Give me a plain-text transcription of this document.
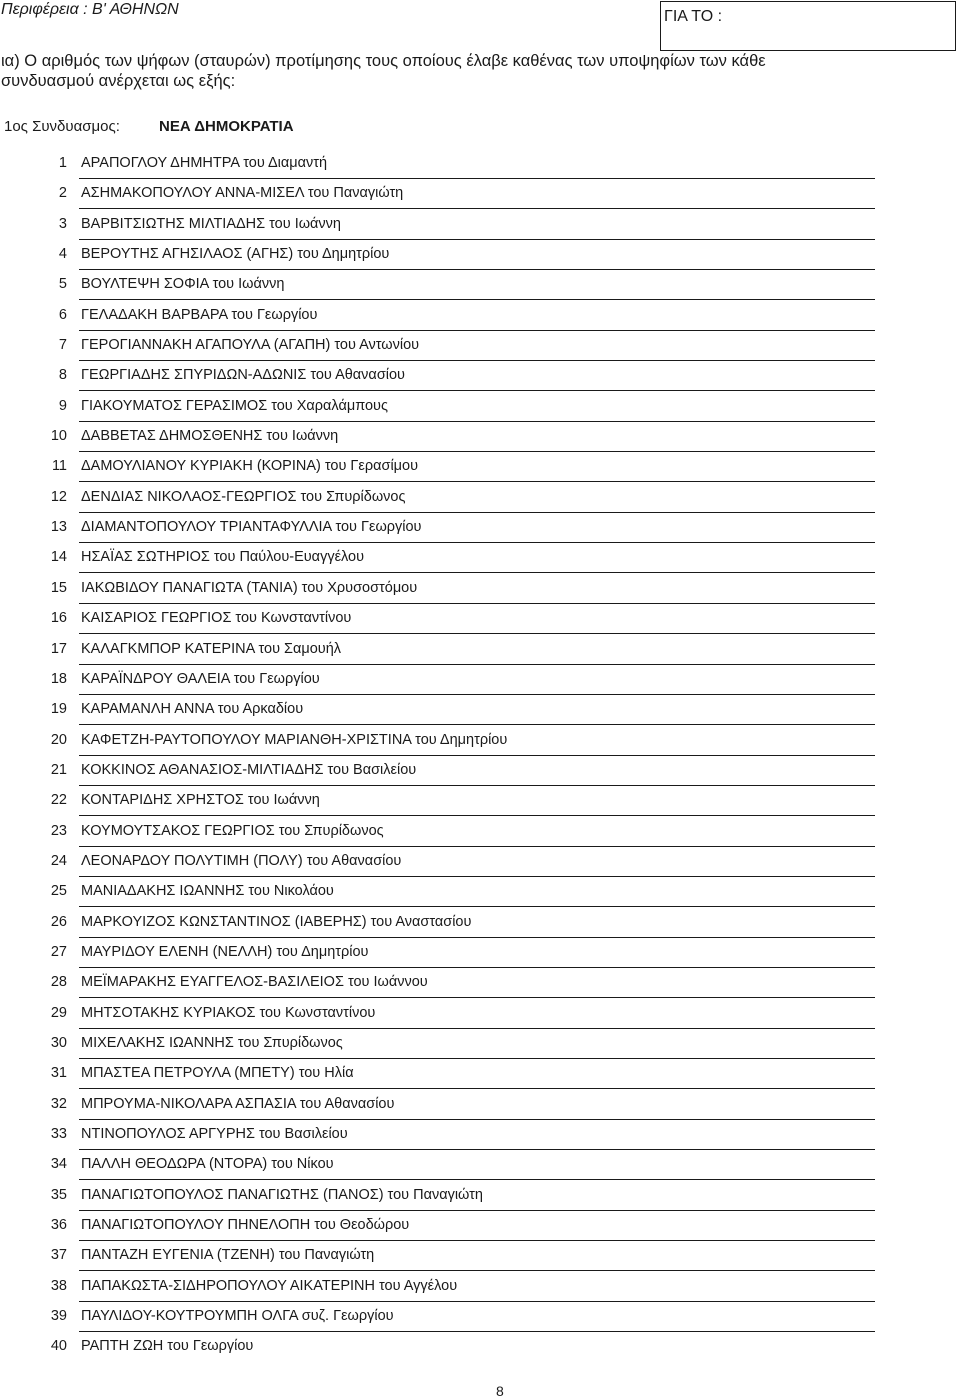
Περιφέρεια : Β' ΑΘΗΝΩΝ	ΓΙΑ ΤΟ :
ια) Ο αριθμός των ψήφων (σταυρών) προτίμησης τους οποίους έλαβε καθένας των υποψηφίων των κάθε
συνδυασμού ανέρχεται ως εξής:
1ος Συνδυασμος:	ΝΕΑ ΔΗΜΟΚΡΑΤΙΑ
1 ΑΡΑΠΟΓΛΟΥ ΔΗΜΗΤΡΑ του Διαμαντή
2 ΑΣΗΜΑΚΟΠΟΥΛΟΥ ΑΝΝΑ-ΜΙΣΕΛ του Παναγιώτη
3 ΒΑΡΒΙΤΣΙΩΤΗΣ ΜΙΛΤΙΑΔΗΣ του Ιωάννη
4 ΒΕΡΟΥΤΗΣ ΑΓΗΣΙΛΑΟΣ (ΑΓΗΣ) του Δημητρίου
5 ΒΟΥΛΤΕΨΗ ΣΟΦΙΑ του Ιωάννη
6 ΓΕΛΑΔΑΚΗ ΒΑΡΒΑΡΑ του Γεωργίου
7 ΓΕΡΟΓΙΑΝΝΑΚΗ ΑΓΑΠΟΥΛΑ (ΑΓΑΠΗ) του Αντωνίου
8 ΓΕΩΡΓΙΑΔΗΣ ΣΠΥΡΙΔΩΝ-ΑΔΩΝΙΣ του Αθανασίου
9 ΓΙΑΚΟΥΜΑΤΟΣ ΓΕΡΑΣΙΜΟΣ του Χαραλάμπους
10 ΔΑΒΒΕΤΑΣ ΔΗΜΟΣΘΕΝΗΣ του Ιωάννη
11 ΔΑΜΟΥΛΙΑΝΟΥ ΚΥΡΙΑΚΗ (ΚΟΡΙΝΑ) του Γερασίμου
12 ΔΕΝΔΙΑΣ ΝΙΚΟΛΑΟΣ-ΓΕΩΡΓΙΟΣ του Σπυρίδωνος
13 ΔΙΑΜΑΝΤΟΠΟΥΛΟΥ ΤΡΙΑΝΤΑΦΥΛΛΙΑ του Γεωργίου
14 ΗΣΑΪΑΣ ΣΩΤΗΡΙΟΣ του Παύλου-Ευαγγέλου
15 ΙΑΚΩΒΙΔΟΥ ΠΑΝΑΓΙΩΤΑ (ΤΑΝΙΑ) του Χρυσοστόμου
16 ΚΑΙΣΑΡΙΟΣ ΓΕΩΡΓΙΟΣ του Κωνσταντίνου
17 ΚΑΛΑΓΚΜΠΟΡ ΚΑΤΕΡΙΝΑ του Σαμουήλ
18 ΚΑΡΑΪΝΔΡΟΥ ΘΑΛΕΙΑ του Γεωργίου
19 ΚΑΡΑΜΑΝΛΗ ΑΝΝΑ του Αρκαδίου
20 ΚΑΦΕΤΖΗ-ΡΑΥΤΟΠΟΥΛΟΥ ΜΑΡΙΑΝΘΗ-ΧΡΙΣΤΙΝΑ του Δημητρίου
21 ΚΟΚΚΙΝΟΣ ΑΘΑΝΑΣΙΟΣ-ΜΙΛΤΙΑΔΗΣ του Βασιλείου
22 ΚΟΝΤΑΡΙΔΗΣ ΧΡΗΣΤΟΣ του Ιωάννη
23 ΚΟΥΜΟΥΤΣΑΚΟΣ ΓΕΩΡΓΙΟΣ του Σπυρίδωνος
24 ΛΕΟΝΑΡΔΟΥ ΠΟΛΥΤΙΜΗ (ΠΟΛΥ) του Αθανασίου
25 ΜΑΝΙΑΔΑΚΗΣ ΙΩΑΝΝΗΣ του Νικολάου
26 ΜΑΡΚΟΥΙΖΟΣ ΚΩΝΣΤΑΝΤΙΝΟΣ (ΙΑΒΕΡΗΣ) του Αναστασίου
27 ΜΑΥΡΙΔΟΥ ΕΛΕΝΗ (ΝΕΛΛΗ) του Δημητρίου
28 ΜΕΪΜΑΡΑΚΗΣ ΕΥΑΓΓΕΛΟΣ-ΒΑΣΙΛΕΙΟΣ του Ιωάννου
29 ΜΗΤΣΟΤΑΚΗΣ ΚΥΡΙΑΚΟΣ του Κωνσταντίνου
30 ΜΙΧΕΛΑΚΗΣ ΙΩΑΝΝΗΣ του Σπυρίδωνος
31 ΜΠΑΣΤΕΑ ΠΕΤΡΟΥΛΑ (ΜΠΕΤΥ) του Ηλία
32 ΜΠΡΟΥΜΑ-ΝΙΚΟΛΑΡΑ ΑΣΠΑΣΙΑ του Αθανασίου
33 ΝΤΙΝΟΠΟΥΛΟΣ ΑΡΓΥΡΗΣ του Βασιλείου
34 ΠΑΛΛΗ ΘΕΟΔΩΡΑ (ΝΤΟΡΑ) του Νίκου
35 ΠΑΝΑΓΙΩΤΟΠΟΥΛΟΣ ΠΑΝΑΓΙΩΤΗΣ (ΠΑΝΟΣ) του Παναγιώτη
36 ΠΑΝΑΓΙΩΤΟΠΟΥΛΟΥ ΠΗΝΕΛΟΠΗ του Θεοδώρου
37 ΠΑΝΤΑΖΗ ΕΥΓΕΝΙΑ (ΤΖΕΝΗ) του Παναγιώτη
38 ΠΑΠΑΚΩΣΤΑ-ΣΙΔΗΡΟΠΟΥΛΟΥ ΑΙΚΑΤΕΡΙΝΗ του Αγγέλου
39 ΠΑΥΛΙΔΟΥ-ΚΟΥΤΡΟΥΜΠΗ ΟΛΓΑ συζ. Γεωργίου
40 ΡΑΠΤΗ ΖΩΗ του Γεωργίου
8
